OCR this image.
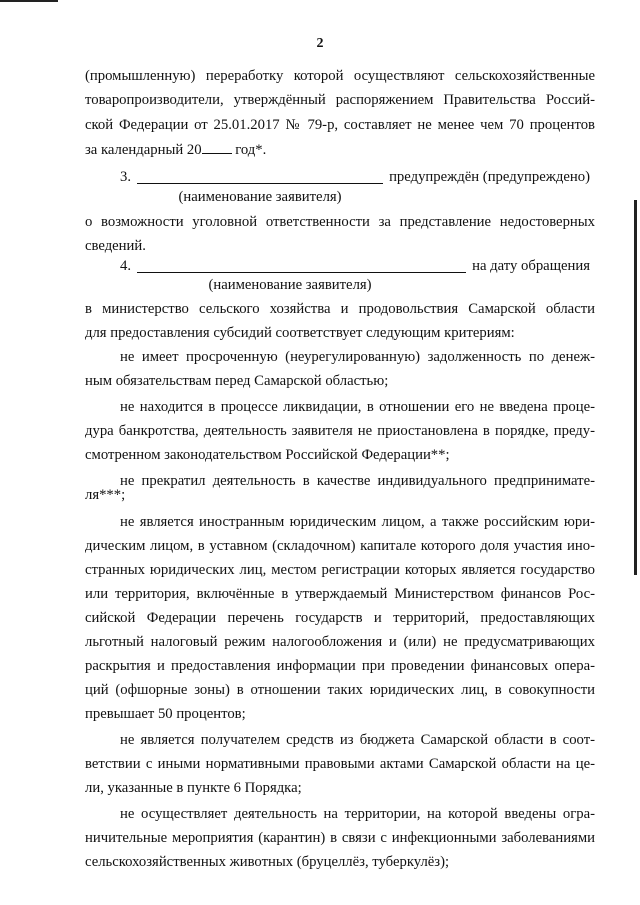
2
(промышленную) переработку которой осуществляют сельскохозяйственные
товаропроизводители, утверждённый распоряжением Правительства Россий-
ской Федерации от 25.01.2017 № 79-р, составляет не менее чем 70 процентов
за календарный 20 год*.
3.	предупреждён (предупреждено)
(наименование заявителя)
о возможности уголовной ответственности за представление недостоверных
сведений.
4.	на дату обращения
(наименование заявителя)
в министерство сельского хозяйства и продовольствия Самарской области
для предоставления субсидий соответствует следующим критериям:
не имеет просроченную (неурегулированную) задолженность по денеж-
ным обязательствам перед Самарской областью;
не находится в процессе ликвидации, в отношении его не введена проце-
дура банкротства, деятельность заявителя не приостановлена в порядке, преду-
смотренном законодательством Российской Федерации**;
не прекратил деятельность в качестве индивидуального предпринимате-
ля***;
не является иностранным юридическим лицом, а также российским юри-
дическим лицом, в уставном (складочном) капитале которого доля участия ино-
странных юридических лиц, местом регистрации которых является государство
или территория, включённые в утверждаемый Министерством финансов Рос-
сийской Федерации перечень государств и территорий, предоставляющих
льготный налоговый режим налогообложения и (или) не предусматривающих
раскрытия и предоставления информации при проведении финансовых опера-
ций (офшорные зоны) в отношении таких юридических лиц, в совокупности
превышает 50 процентов;
не является получателем средств из бюджета Самарской области в соот-
ветствии с иными нормативными правовыми актами Самарской области на це-
ли, указанные в пункте 6 Порядка;
не осуществляет деятельность на территории, на которой введены огра-
ничительные мероприятия (карантин) в связи с инфекционными заболеваниями
сельскохозяйственных животных (бруцеллёз, туберкулёз);
